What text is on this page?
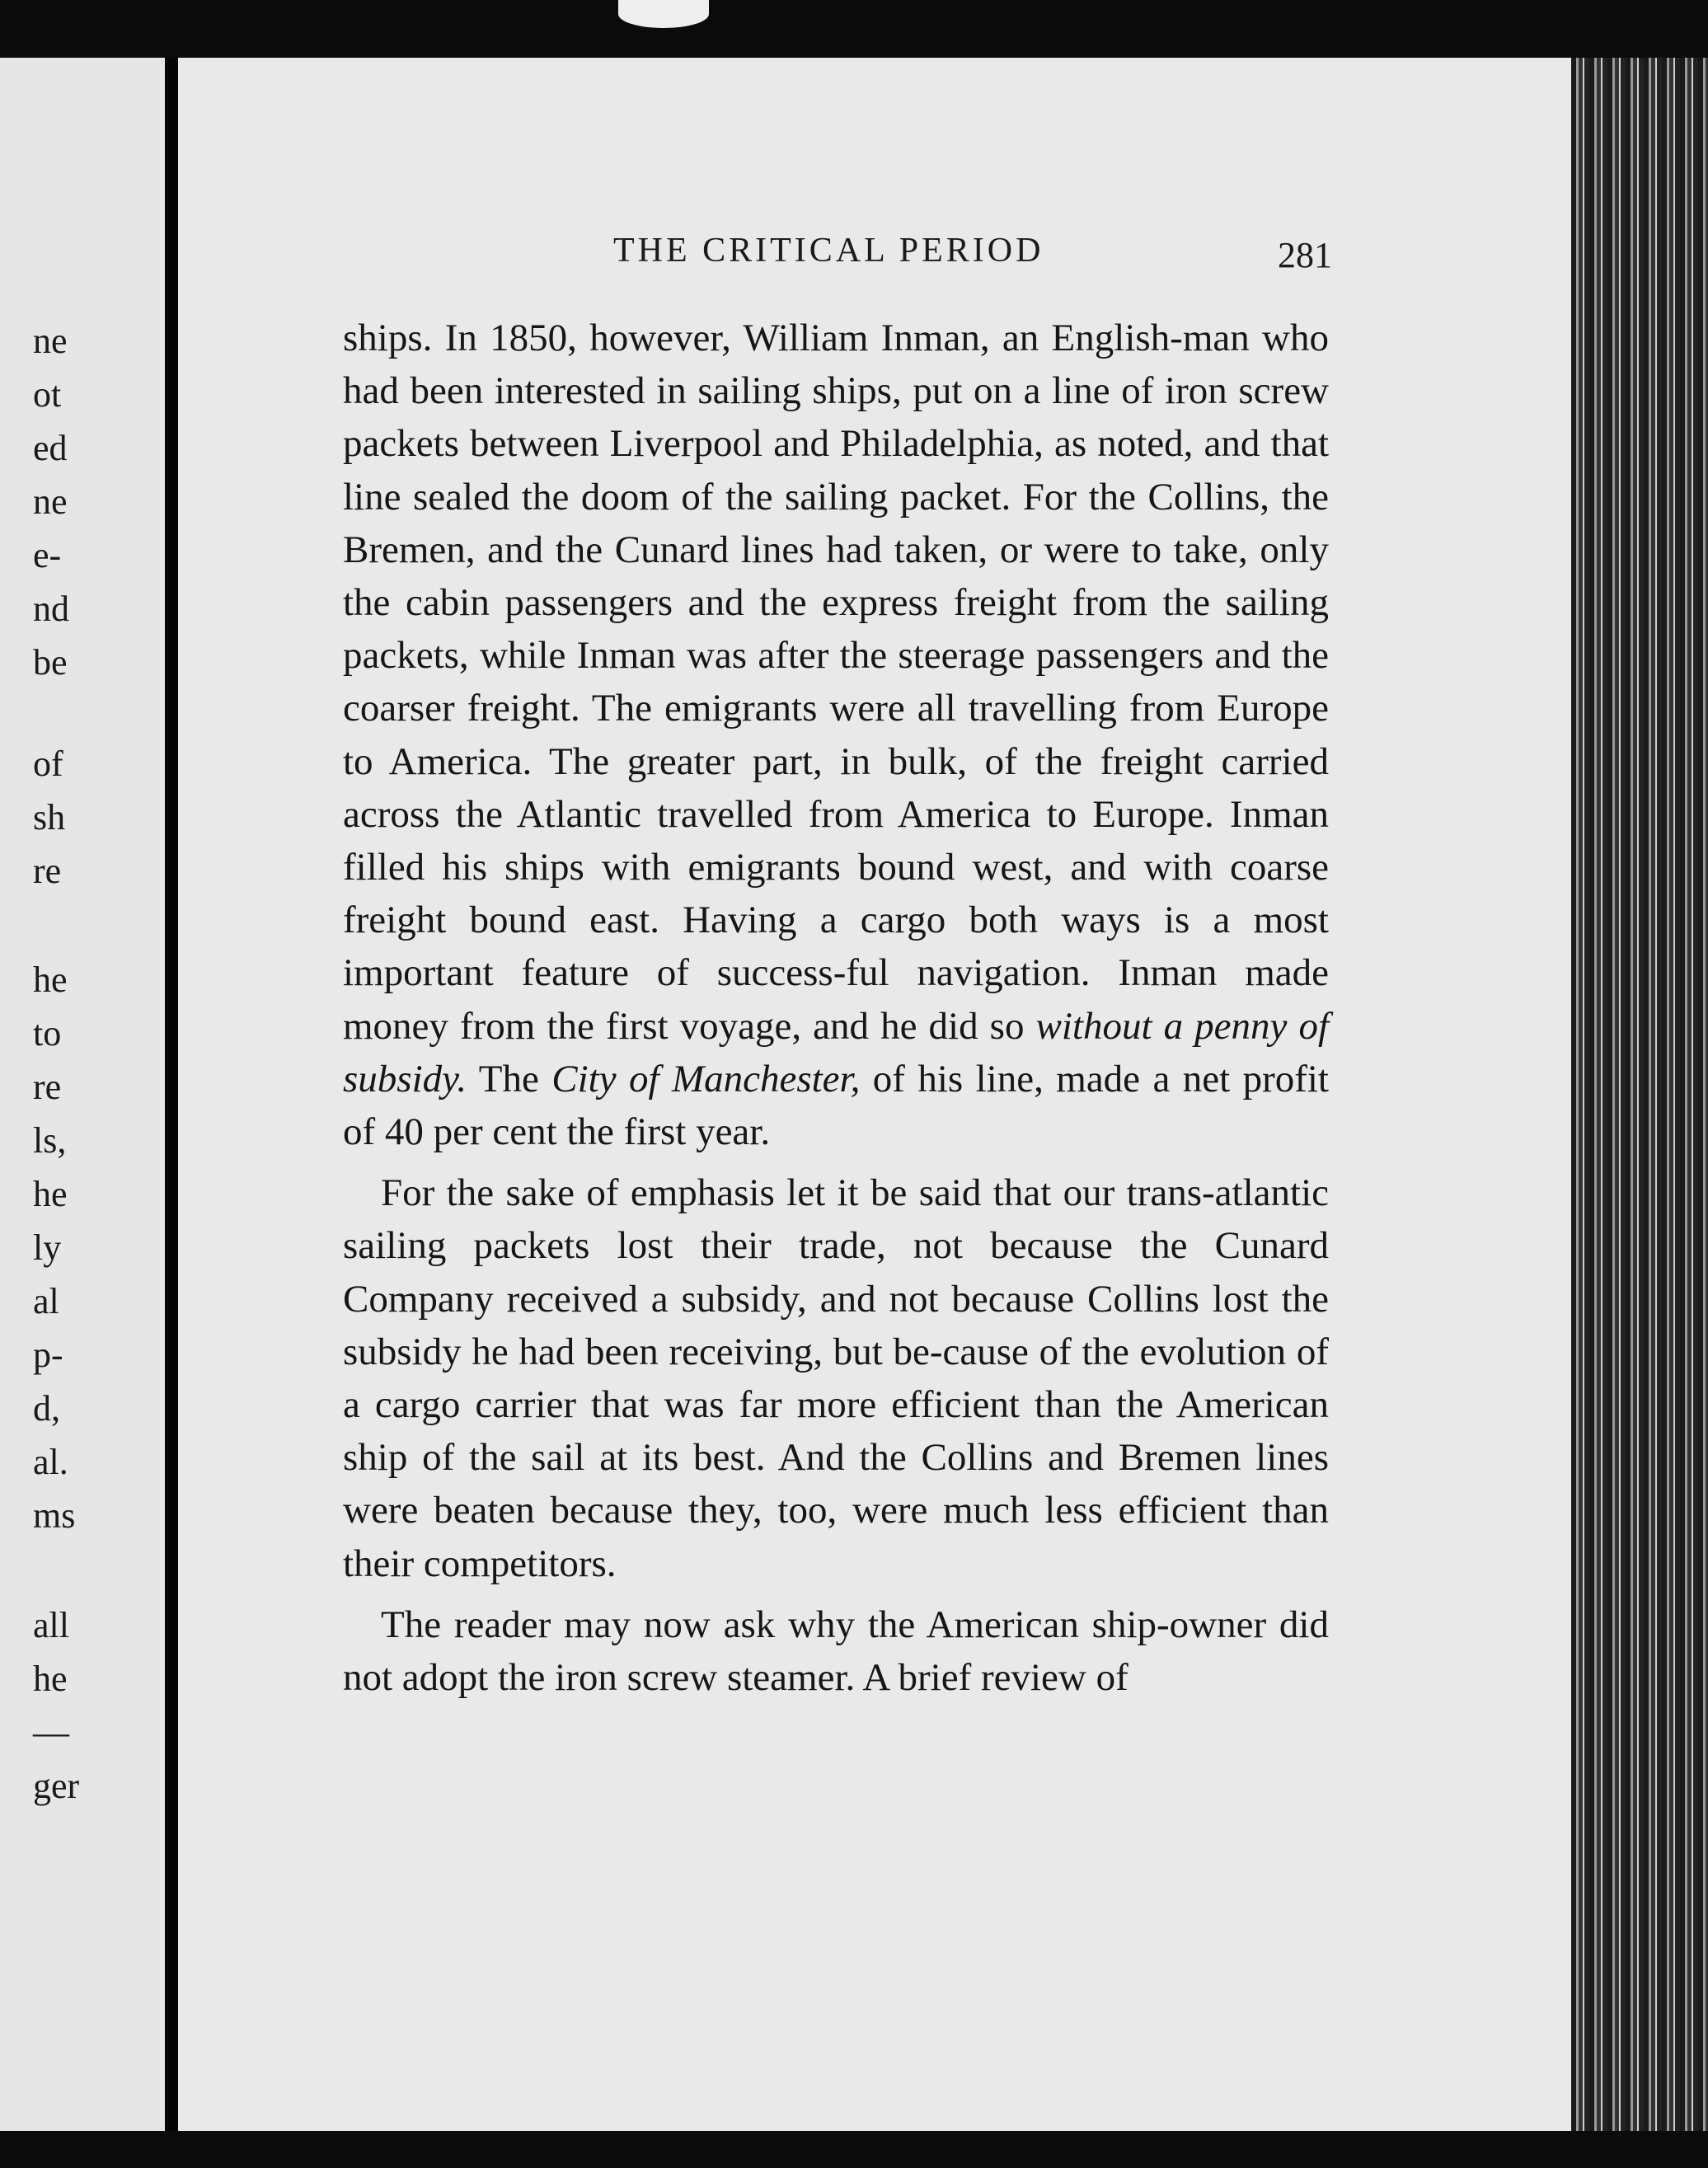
ne
ot
ed
ne
e-
nd
be
of
sh
re
he
to
re
ls,
he
ly
al
p-
d,
al.
ms
all
he
—
ger
THE CRITICAL PERIOD	281

ships. In 1850, however, William Inman, an English-man who had been interested in sailing ships, put on a line of iron screw packets between Liverpool and Philadelphia, as noted, and that line sealed the doom of the sailing packet. For the Collins, the Bremen, and the Cunard lines had taken, or were to take, only the cabin passengers and the express freight from the sailing packets, while Inman was after the steerage passengers and the coarser freight. The emigrants were all travelling from Europe to America. The greater part, in bulk, of the freight carried across the Atlantic travelled from America to Europe. Inman filled his ships with emigrants bound west, and with coarse freight bound east. Having a cargo both ways is a most important feature of success-ful navigation. Inman made money from the first voyage, and he did so without a penny of subsidy. The City of Manchester, of his line, made a net profit of 40 per cent the first year.

For the sake of emphasis let it be said that our trans-atlantic sailing packets lost their trade, not because the Cunard Company received a subsidy, and not because Collins lost the subsidy he had been receiving, but be-cause of the evolution of a cargo carrier that was far more efficient than the American ship of the sail at its best. And the Collins and Bremen lines were beaten because they, too, were much less efficient than their competitors.

The reader may now ask why the American ship-owner did not adopt the iron screw steamer. A brief review of
